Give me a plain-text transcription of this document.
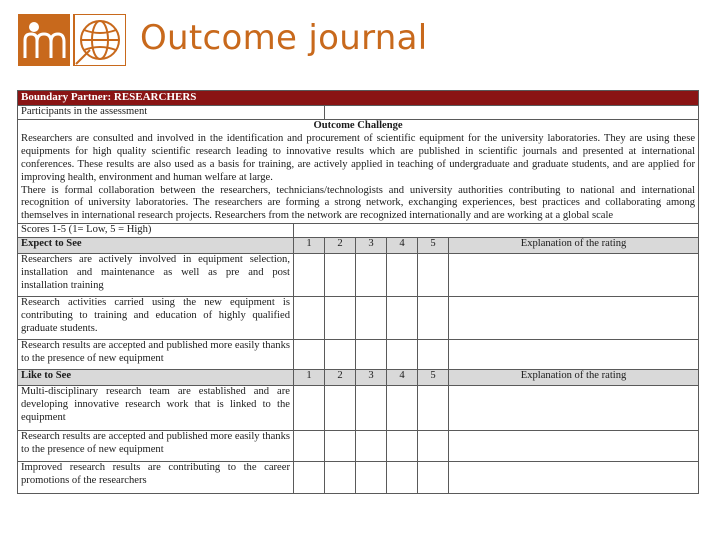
Outcome journal
Boundary Partner: RESEARCHERS						
Participants in the assessment						

Outcome Challenge
Researchers are consulted and involved in the identification and procurement of scientific equipment for the university laboratories. They are using these equipments for high quality scientific research leading to innovative results which are published in scientific journals and presented at international conferences. These results are also used as a basis for training, are actively applied in teaching of undergraduate and graduate students, and are applied for improving health, environment and human welfare at large.
There is formal collaboration between the researchers, technicians/technologists and university authorities contributing to national and international recognition of university laboratories. The researchers are forming a strong network, exchanging experiences, best practices and collaborating among themselves in international research projects. Researchers from the network are recognized internationally and are working at a global scale						

Scores 1-5 (1= Low, 5 = High)						
Expect to See	1	2	3	4	5	Explanation of the rating
Researchers are actively involved in equipment selection, installation and maintenance as well as pre and post installation training						
Research activities carried using the new equipment is contributing to training and education of highly qualified graduate students.						
Research results are accepted and published more easily thanks to the presence of new equipment						
Like to See	1	2	3	4	5	Explanation of the rating
Multi-disciplinary research team are established and are developing innovative research work that is linked to the equipment						
Research results are accepted and published more easily thanks to the presence of new equipment						
Improved research results are contributing to the career promotions of the researchers						
